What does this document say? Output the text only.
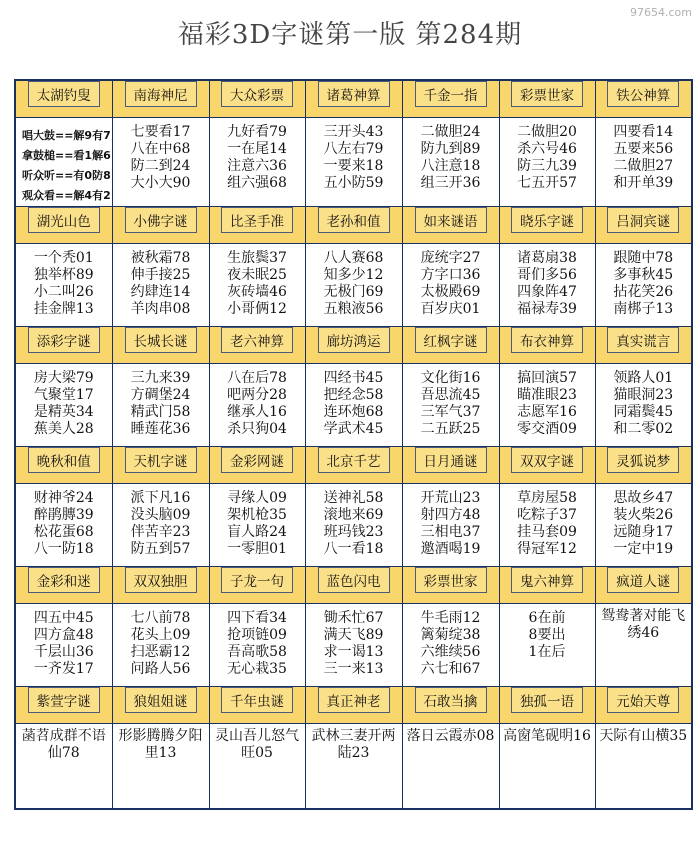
97654.com
福彩3D字谜第一版 第284期
太湖钓叟	南海神尼	大众彩票	诸葛神算	千金一指	彩票世家	铁公神算

唱大鼓==解9有7
拿鼓槌==看1解6
听众听==有0防8
观众看==解4有2	七要看17
八在中68
防二到24
大小大90	九好看79
一在尾14
注意六36
组六强68	三开头43
八左右79
一要来18
五小防59	二做胆24
防九到89
八注意18
组三开36	二做胆20
杀六号46
防三九39
七五开57	四要看14
五要来56
二做胆27
和开单39

湖光山色	小佛字谜	比圣手准	老孙和值	如来谜语	晓乐字谜	吕洞宾谜

一个秃01
独举杯89
小二叫26
挂金牌13	被秋霜78
伸手接25
约肆连14
羊肉串08	生旅鬓37
夜未眠25
灰砖墙46
小哥俩12	八人赛68
知多少12
无极门69
五粮液56	庞统字27
方字口36
太极殿69
百岁庆01	诸葛扇38
哥们多56
四象阵47
福禄寿39	跟随中78
多事秋45
拈花笑26
南梆子13

添彩字谜	长城长谜	老六神算	廊坊鸿运	红枫字谜	布衣神算	真实谎言

房大梁79
气聚堂17
是精英34
蕉美人28	三九来39
方碉堡24
精武门58
睡莲花36	八在后78
吧两分28
继承人16
杀只狗04	四经书45
把经念58
连环炮68
学武术45	文化街16
吾思流45
三军气37
二五跃25	搞回演57
瞄准眼23
志愿军16
零交酒09	领路人01
猫眼洞23
同霜鬓45
和二零02

晚秋和值	天机字谜	金彩网谜	北京千艺	日月通谜	双双字谜	灵狐说梦

财神爷24
醉鹃膞39
松花蛋68
八一防18	派下凡16
没头脑09
伴苦辛23
防五到57	寻缘人09
架机枪35
盲人路24
一零胆01	送神礼58
滚地来69
班玛钱23
八一看18	开荒山23
射四方48
三相电37
邀酒喝19	草房屋58
吃粽子37
挂马套09
得冠军12	思故乡47
装火柴26
远随身17
一定中19

金彩和迷	双双独胆	子龙一句	蓝色闪电	彩票世家	鬼六神算	疯道人谜

四五中45
四方盒48
千层山36
一齐发17	七八前78
花头上09
扫恶霸12
问路人56	四下看34
抢项链09
吾高歌58
无心栽35	锄禾忙67
满天飞89
求一谒13
三一来13	牛毛雨12
篱菊绽38
六维续56
六七和67	6在前
8要出
1在后	鸳鸯著对能飞绣46

紫萱字谜	狼姐姐谜	千年虫谜	真正神老	石敢当擒	独孤一语	元始天尊

菡苕成群不语仙78	形影腾腾夕阳里13	灵山吾儿怒气旺05	武林三妻开两陆23	落日云霞赤08	高窗笔砚明16	天际有山横35
